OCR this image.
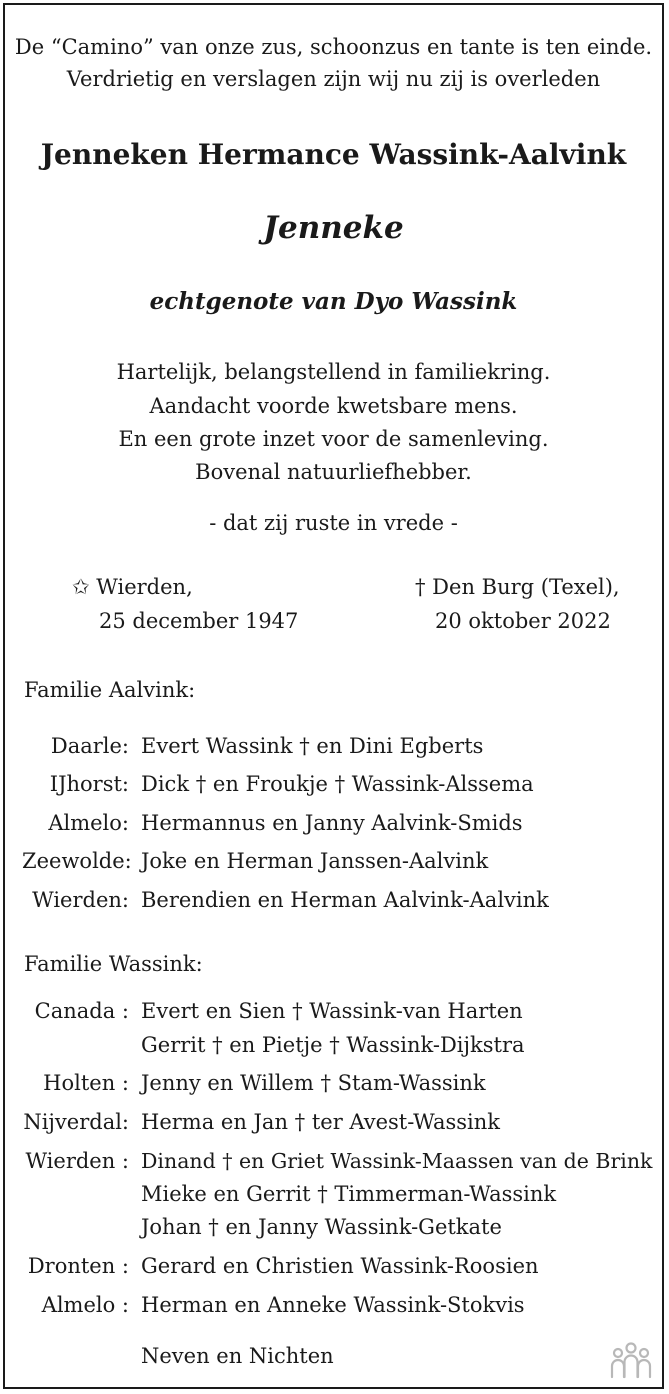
De “Camino” van onze zus, schoonzus en tante is ten einde.
Verdrietig en verslagen zijn wij nu zij is overleden
Jenneken Hermance Wassink-Aalvink
Jenneke
echtgenote van Dyo Wassink
Hartelijk, belangstellend in familiekring.
Aandacht voorde kwetsbare mens.
En een grote inzet voor de samenleving.
Bovenal natuurliefhebber.
- dat zij ruste in vrede -
✩ Wierden,
25 december 1947
† Den Burg (Texel),
20 oktober 2022
Familie Aalvink:
Daarle: Evert Wassink † en Dini Egberts
IJhorst: Dick † en Froukje † Wassink-Alssema
Almelo: Hermannus en Janny Aalvink-Smids
Zeewolde: Joke en Herman Janssen-Aalvink
Wierden: Berendien en Herman Aalvink-Aalvink
Familie Wassink:
Canada : Evert en Sien † Wassink-van Harten
Gerrit † en Pietje † Wassink-Dijkstra
Holten : Jenny en Willem † Stam-Wassink
Nijverdal: Herma en Jan † ter Avest-Wassink
Wierden : Dinand † en Griet Wassink-Maassen van de Brink
Mieke en Gerrit † Timmerman-Wassink
Johan † en Janny Wassink-Getkate
Dronten : Gerard en Christien Wassink-Roosien
Almelo : Herman en Anneke Wassink-Stokvis
Neven en Nichten
